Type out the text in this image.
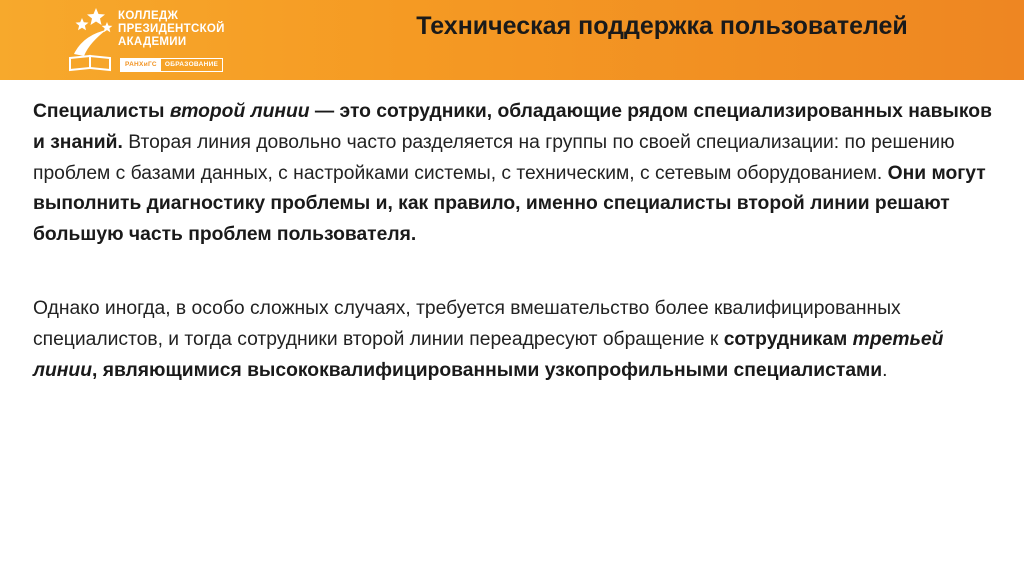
КОЛЛЕДЖ
ПРЕЗИДЕНТСКОЙ
АКАДЕМИИ
РАНХиГС	ОБРАЗОВАНИЕ
Техническая поддержка пользователей

Специалисты второй линии — это сотрудники, обладающие рядом специализированных навыков и знаний. Вторая линия довольно часто разделяется на группы по своей специализации: по решению проблем с базами данных, с настройками системы, с техническим, с сетевым оборудованием. Они могут выполнить диагностику проблемы и, как правило, именно специалисты второй линии решают большую часть проблем пользователя.

Однако иногда, в особо сложных случаях, требуется вмешательство более квалифицированных специалистов, и тогда сотрудники второй линии переадресуют обращение к сотрудникам третьей линии, являющимися высококвалифицированными узкопрофильными специалистами.
